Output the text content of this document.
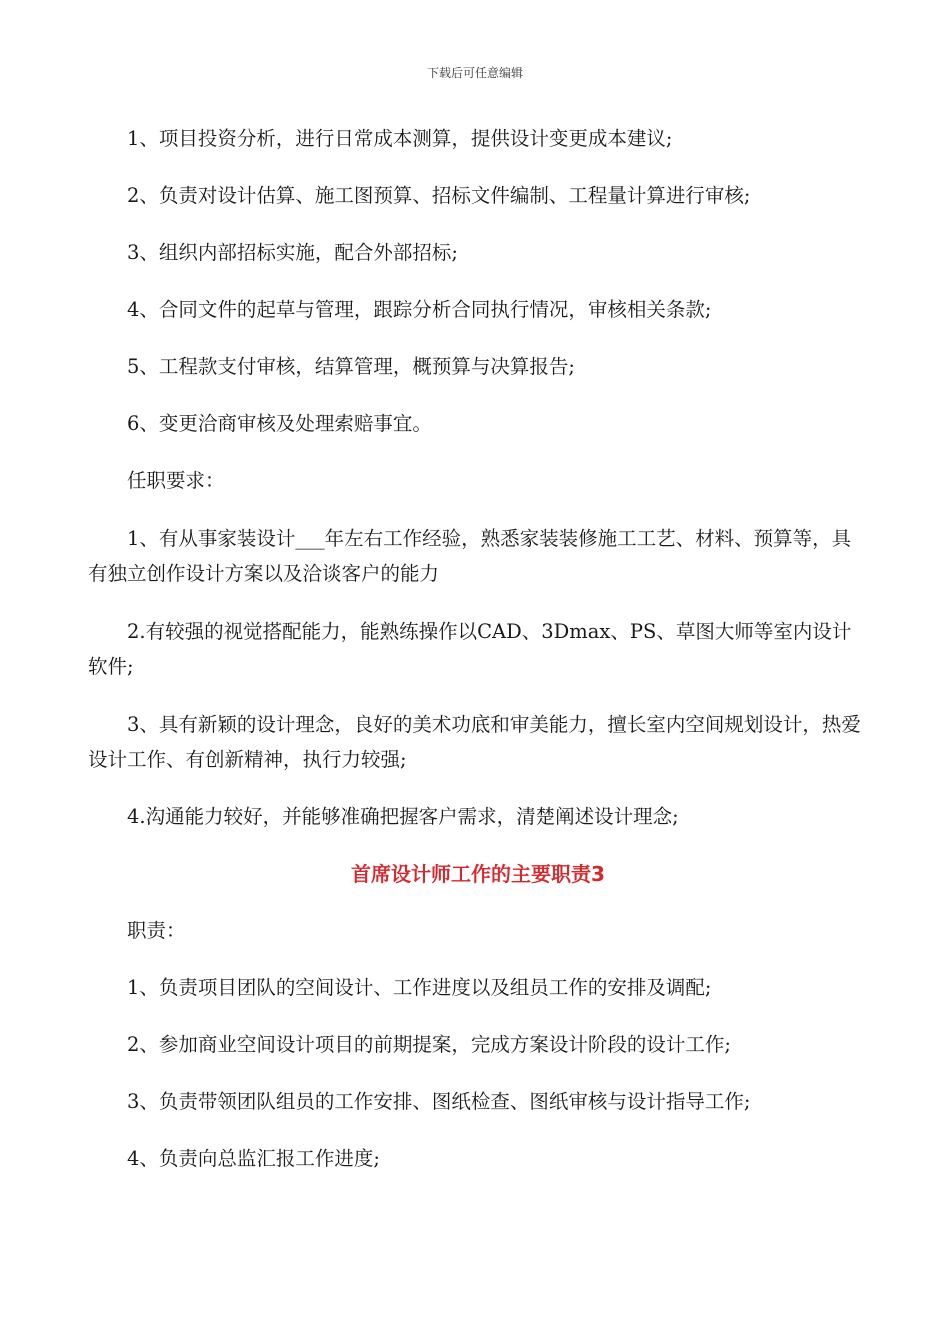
下载后可任意编辑

1、项目投资分析，进行日常成本测算，提供设计变更成本建议;

2、负责对设计估算、施工图预算、招标文件编制、工程量计算进行审核;

3、组织内部招标实施，配合外部招标;

4、合同文件的起草与管理，跟踪分析合同执行情况，审核相关条款;

5、工程款支付审核，结算管理，概预算与决算报告;

6、变更洽商审核及处理索赔事宜。

任职要求：

1、有从事家装设计___年左右工作经验，熟悉家装装修施工工艺、材料、预算等，具有独立创作设计方案以及洽谈客户的能力

2.有较强的视觉搭配能力，能熟练操作以CAD、3Dmax、PS、草图大师等室内设计软件;

3、具有新颖的设计理念，良好的美术功底和审美能力，擅长室内空间规划设计，热爱设计工作、有创新精神，执行力较强;

4.沟通能力较好，并能够准确把握客户需求，清楚阐述设计理念;

首席设计师工作的主要职责3

职责：

1、负责项目团队的空间设计、工作进度以及组员工作的安排及调配;

2、参加商业空间设计项目的前期提案，完成方案设计阶段的设计工作;

3、负责带领团队组员的工作安排、图纸检查、图纸审核与设计指导工作;

4、负责向总监汇报工作进度;
